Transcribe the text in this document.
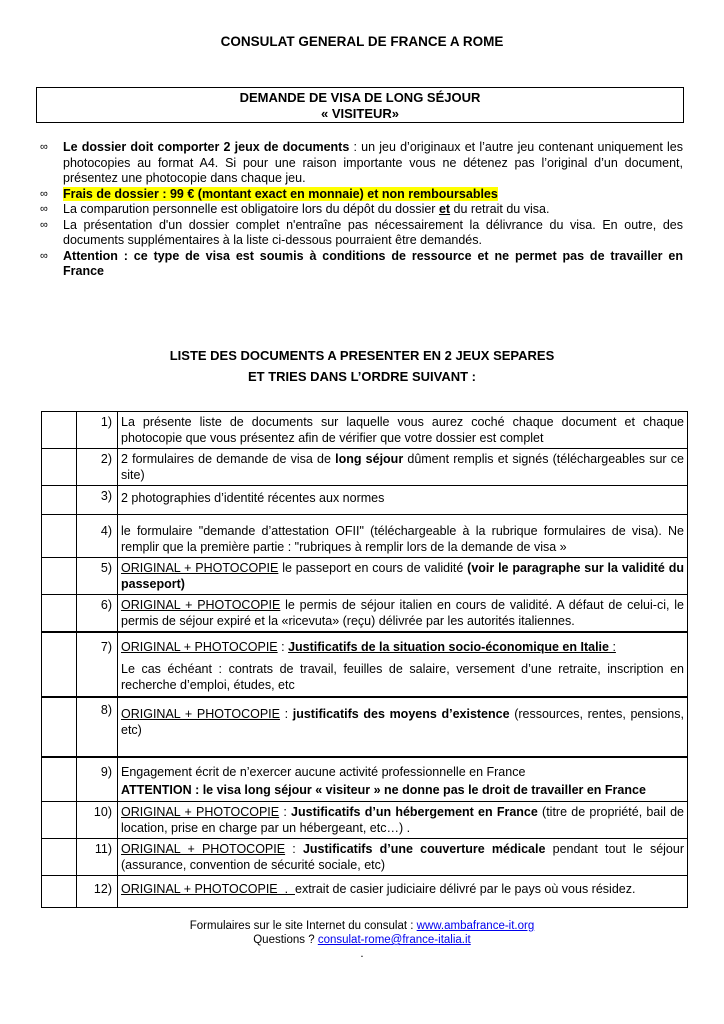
CONSULAT GENERAL DE FRANCE A ROME
DEMANDE DE VISA DE LONG SÉJOUR
« VISITEUR»
∞ Le dossier doit comporter 2 jeux de documents : un jeu d’originaux et l’autre jeu contenant uniquement les photocopies au format A4. Si pour une raison importante vous ne détenez pas l’original d’un document, présentez une photocopie dans chaque jeu.
∞ Frais de dossier : 99 € (montant exact en monnaie) et non remboursables
∞ La comparution personnelle est obligatoire lors du dépôt du dossier et du retrait du visa.
∞ La présentation d'un dossier complet n'entraîne pas nécessairement la délivrance du visa. En outre, des documents supplémentaires à la liste ci-dessous pourraient être demandés.
∞ Attention : ce type de visa est soumis à conditions de ressource et ne permet pas de travailler en France
LISTE DES DOCUMENTS A PRESENTER EN 2 JEUX SEPARES
ET TRIES DANS L’ORDRE SUIVANT :
	1)	La présente liste de documents sur laquelle vous aurez coché chaque document et chaque photocopie que vous présentez afin de vérifier que votre dossier est complet
	2)	2 formulaires de demande de visa de long séjour dûment remplis et signés (téléchargeables sur ce site)
	3)	2 photographies d’identité récentes aux normes
	4)	le formulaire "demande d’attestation OFII" (téléchargeable à la rubrique formulaires de visa). Ne remplir que la première partie : "rubriques à remplir lors de la demande de visa »
	5)	ORIGINAL + PHOTOCOPIE le passeport en cours de validité (voir le paragraphe sur la validité du passeport)
	6)	ORIGINAL + PHOTOCOPIE le permis de séjour italien en cours de validité. A défaut de celui-ci, le permis de séjour expiré et la «ricevuta» (reçu) délivrée par les autorités italiennes.
	7)	ORIGINAL + PHOTOCOPIE : Justificatifs de la situation socio-économique en Italie :
Le cas échéant : contrats de travail, feuilles de salaire, versement d’une retraite, inscription en recherche d’emploi, études, etc

	8)	ORIGINAL + PHOTOCOPIE : justificatifs des moyens d’existence (ressources, rentes, pensions, etc)
	9)	Engagement écrit de n’exercer aucune activité professionnelle en France
ATTENTION : le visa long séjour « visiteur » ne donne pas le droit de travailler en France

	10)	ORIGINAL + PHOTOCOPIE : Justificatifs d’un hébergement en France (titre de propriété, bail de location, prise en charge par un hébergeant, etc…) .
	11)	ORIGINAL + PHOTOCOPIE : Justificatifs d’une couverture médicale pendant tout le séjour (assurance, convention de sécurité sociale, etc)
	12)	ORIGINAL + PHOTOCOPIE  .  extrait de casier judiciaire délivré par le pays où vous résidez.
Formulaires sur le site Internet du consulat : www.ambafrance-it.org
Questions ? consulat-rome@france-italia.it
.
